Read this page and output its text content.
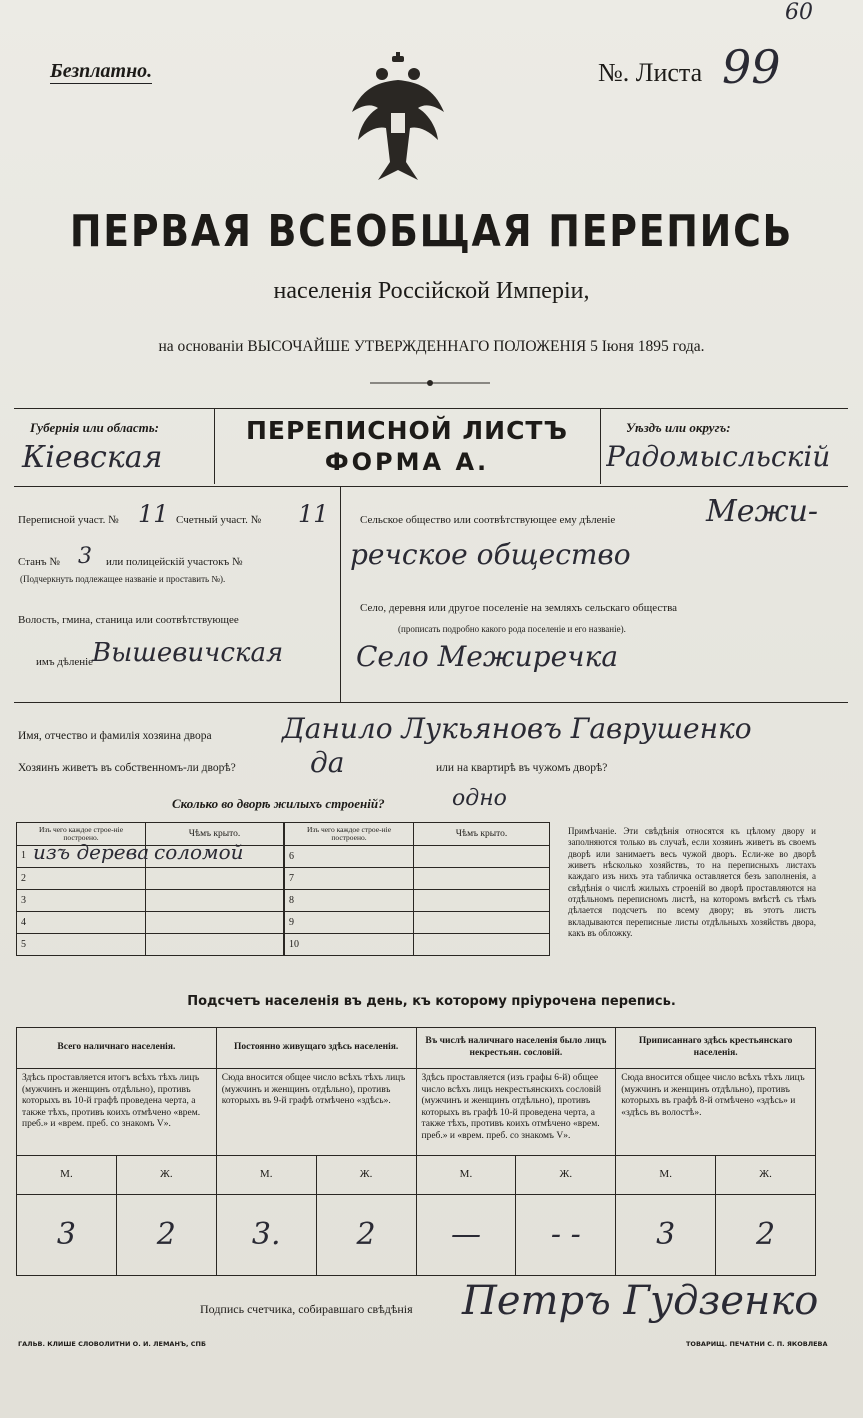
60
Безплатно.	№. Листа 99
ПЕРВАЯ ВСЕОБЩАЯ ПЕРЕПИСЬ
населенія Россійской Имперіи,
на основаніи ВЫСОЧАЙШЕ УТВЕРЖДЕННАГО ПОЛОЖЕНІЯ 5 Іюня 1895 года.
Губернія или область:
Кіевская
ПЕРЕПИСНОЙ ЛИСТЪ
ФОРМА А.
Уѣздъ или округъ:
Радомысльскій
Переписной участ. № 11 Счетный участ. № 11
Станъ № 3 или полицейскій участокъ №
(Подчеркнуть подлежащее названіе и проставить №).
Волость, гмина, станица или соотвѣтствующее
имъ дѣленіе
Вышевичская
Сельское общество или соотвѣтствующее ему дѣленіе	Межи-
речское общество
Село, деревня или другое поселеніе на земляхъ сельскаго общества
(прописать подробно какого рода поселеніе и его названіе).
Село Межиречка
Имя, отчество и фамилія хозяина двора	Данило Лукьяновъ Гаврушенко
Хозяинъ живетъ въ собственномъ-ли дворѣ?	да	или на квартирѣ въ чужомъ дворѣ?
Сколько во дворѣ жилыхъ строеній?	одно
Изъ чего каждое строе-ніе построено.	Чѣмъ крыто.

1 изъ дерева	соломой

2	
3	
4	
5	
Изъ чего каждое строе-ніе построено.	Чѣмъ крыто.
6	
7	
8	
9	
10	
Примѣчаніе. Эти свѣдѣнія относятся къ цѣлому двору и заполняются только въ случаѣ, если хозяинъ живетъ въ своемъ дворѣ или занимаетъ весь чужой дворъ. Если-же во дворѣ живетъ нѣсколько хозяйствъ, то на переписныхъ листахъ каждаго изъ нихъ эта табличка оставляется безъ заполненія, а свѣдѣнія о числѣ жилыхъ строеній во дворѣ проставляются на отдѣльномъ переписномъ листѣ, на которомъ вмѣстѣ съ тѣмъ дѣлается подсчетъ по всему двору; въ этотъ листъ вкладываются переписные листы отдѣльныхъ хозяйствъ двора, какъ въ обложку.
Подсчетъ населенія въ день, къ которому пріурочена перепись.
Всего наличнаго населенія.		Постоянно живущаго здѣсь населенія.		Въ числѣ наличнаго населенія было лицъ некрестьян. сословій.		Приписаннаго здѣсь крестьянскаго населенія.	
Здѣсь проставляется итогъ всѣхъ тѣхъ лицъ (мужчинъ и женщинъ отдѣльно), противъ которыхъ въ 10-й графѣ проведена черта, а также тѣхъ, противъ коихъ отмѣчено «врем. преб.» и «врем. преб. со знакомъ V».		Сюда вносится общее число всѣхъ тѣхъ лицъ (мужчинъ и женщинъ отдѣльно), противъ которыхъ въ 9-й графѣ отмѣчено «здѣсь».		Здѣсь проставляется (изъ графы 6-й) общее число всѣхъ лицъ некрестьянскихъ сословій (мужчинъ и женщинъ отдѣльно), противъ которыхъ въ графѣ 10-й проведена черта, а также тѣхъ, противъ коихъ отмѣчено «врем. преб.» и «врем. преб. со знакомъ V».		Сюда вносится общее число всѣхъ тѣхъ лицъ (мужчинъ и женщинъ отдѣльно), противъ которыхъ въ графѣ 8-й отмѣчено «здѣсь» и «здѣсь въ волостѣ».	
М.	Ж.	М.	Ж.	М.	Ж.	М.	Ж.
3	2	3.	2	—	- -	3	2
Подпись счетчика, собиравшаго свѣдѣнія Петръ Гудзенко
ГАЛЬВ. КЛИШЕ СЛОВОЛИТНИ О. И. ЛЕМАНЪ, СПБ	ТОВАРИЩ. ПЕЧАТНИ С. П. ЯКОВЛЕВА
